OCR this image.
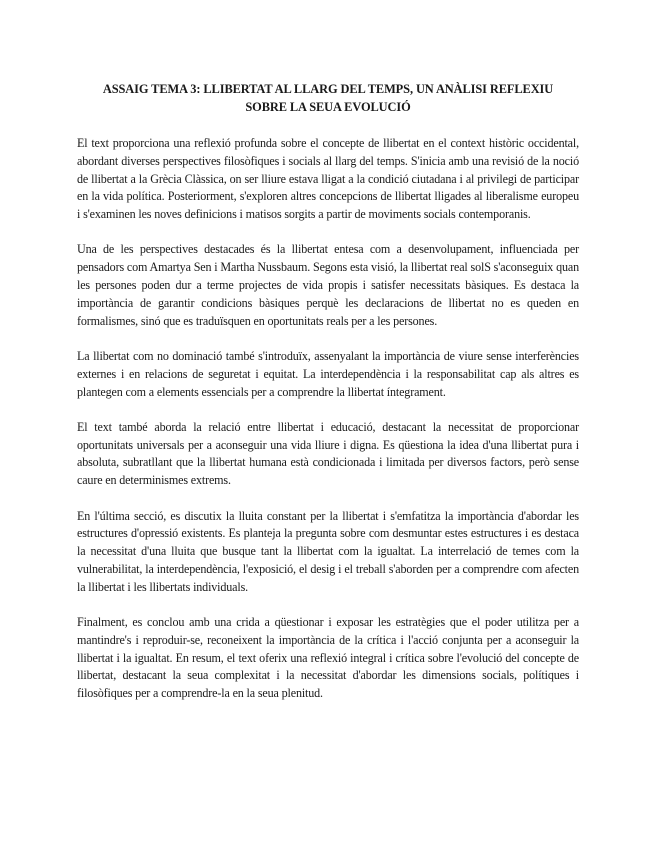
ASSAIG TEMA 3: LLIBERTAT AL LLARG DEL TEMPS, UN ANÀLISI REFLEXIU
SOBRE LA SEUA EVOLUCIÓ

El text proporciona una reflexió profunda sobre el concepte de llibertat en el context històric occidental, abordant diverses perspectives filosòfiques i socials al llarg del temps. S'inicia amb una revisió de la noció de llibertat a la Grècia Clàssica, on ser lliure estava lligat a la condició ciutadana i al privilegi de participar en la vida política. Posteriorment, s'exploren altres concepcions de llibertat lligades al liberalisme europeu i s'examinen les noves definicions i matisos sorgits a partir de moviments socials contemporanis.

Una de les perspectives destacades és la llibertat entesa com a desenvolupament, influenciada per pensadors com Amartya Sen i Martha Nussbaum. Segons esta visió, la llibertat real solS s'aconseguix quan les persones poden dur a terme projectes de vida propis i satisfer necessitats bàsiques. Es destaca la importància de garantir condicions bàsiques perquè les declaracions de llibertat no es queden en formalismes, sinó que es traduïsquen en oportunitats reals per a les persones.

La llibertat com no dominació també s'introduïx, assenyalant la importància de viure sense interferències externes i en relacions de seguretat i equitat. La interdependència i la responsabilitat cap als altres es plantegen com a elements essencials per a comprendre la llibertat íntegrament.

El text també aborda la relació entre llibertat i educació, destacant la necessitat de proporcionar oportunitats universals per a aconseguir una vida lliure i digna. Es qüestiona la idea d'una llibertat pura i absoluta, subratllant que la llibertat humana està condicionada i limitada per diversos factors, però sense caure en determinismes extrems.

En l'última secció, es discutix la lluita constant per la llibertat i s'emfatitza la importància d'abordar les estructures d'opressió existents. Es planteja la pregunta sobre com desmuntar estes estructures i es destaca la necessitat d'una lluita que busque tant la llibertat com la igualtat. La interrelació de temes com la vulnerabilitat, la interdependència, l'exposició, el desig i el treball s'aborden per a comprendre com afecten la llibertat i les llibertats individuals.

Finalment, es conclou amb una crida a qüestionar i exposar les estratègies que el poder utilitza per a mantindre's i reproduir-se, reconeixent la importància de la crítica i l'acció conjunta per a aconseguir la llibertat i la igualtat. En resum, el text oferix una reflexió integral i crítica sobre l'evolució del concepte de llibertat, destacant la seua complexitat i la necessitat d'abordar les dimensions socials, polítiques i filosòfiques per a comprendre-la en la seua plenitud.
